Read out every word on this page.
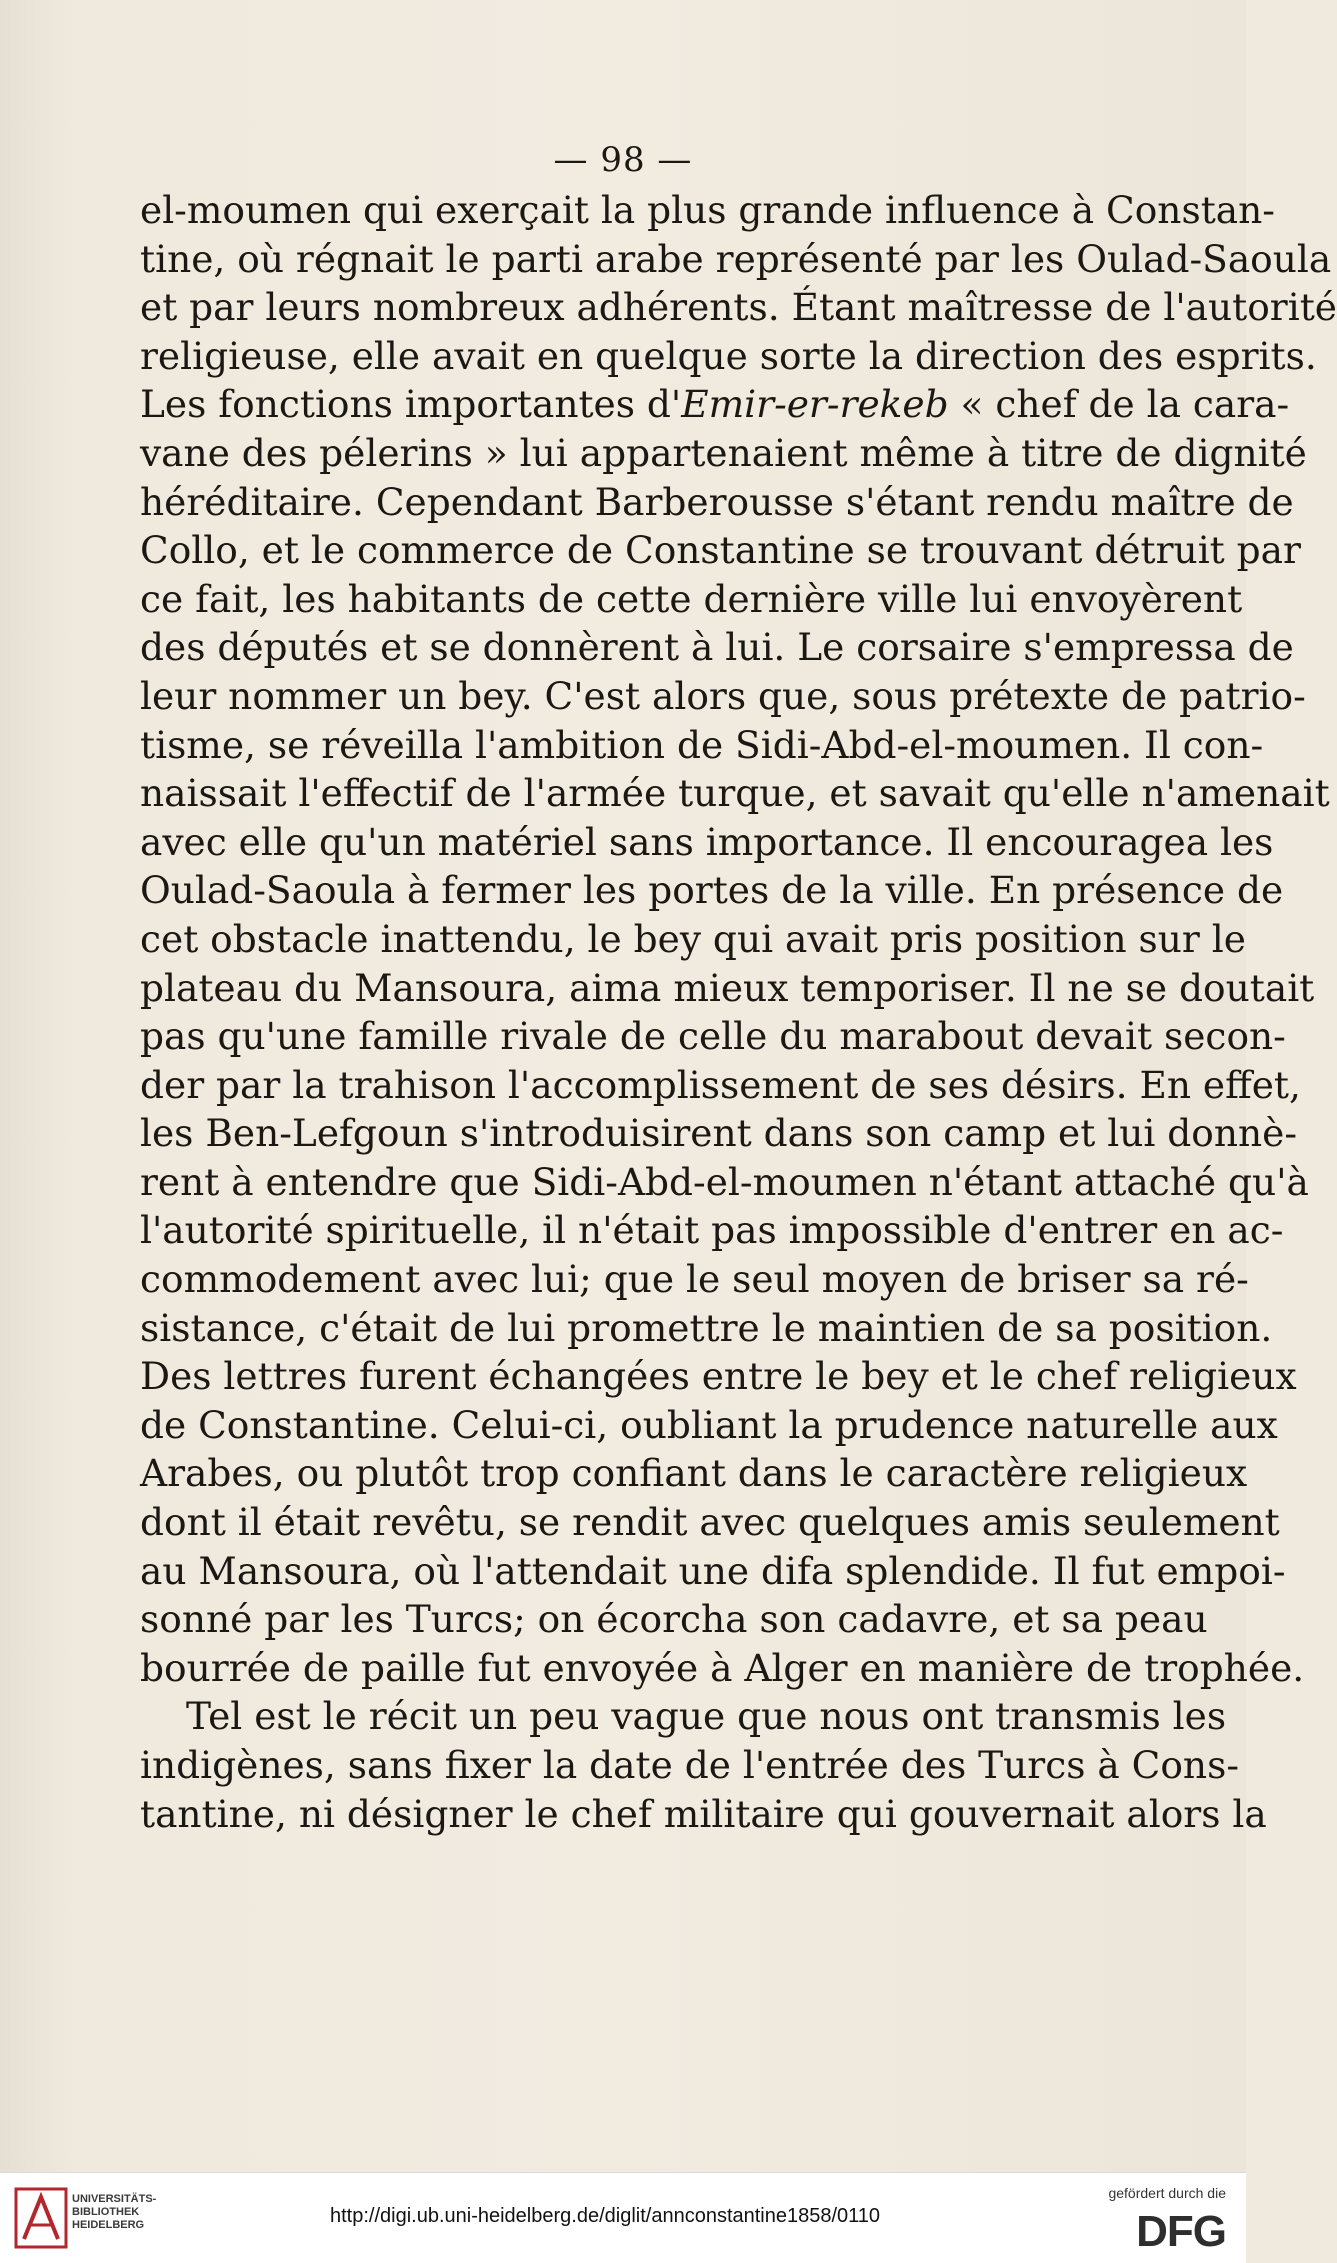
— 98 —
el-moumen qui exerçait la plus grande influence à Constan-
tine, où régnait le parti arabe représenté par les Oulad-Saoula
et par leurs nombreux adhérents. Étant maîtresse de l'autorité
religieuse, elle avait en quelque sorte la direction des esprits.
Les fonctions importantes d'Emir-er-rekeb « chef de la cara-
vane des pélerins » lui appartenaient même à titre de dignité
héréditaire. Cependant Barberousse s'étant rendu maître de
Collo, et le commerce de Constantine se trouvant détruit par
ce fait, les habitants de cette dernière ville lui envoyèrent
des députés et se donnèrent à lui. Le corsaire s'empressa de
leur nommer un bey. C'est alors que, sous prétexte de patrio-
tisme, se réveilla l'ambition de Sidi-Abd-el-moumen. Il con-
naissait l'effectif de l'armée turque, et savait qu'elle n'amenait
avec elle qu'un matériel sans importance. Il encouragea les
Oulad-Saoula à fermer les portes de la ville. En présence de
cet obstacle inattendu, le bey qui avait pris position sur le
plateau du Mansoura, aima mieux temporiser. Il ne se doutait
pas qu'une famille rivale de celle du marabout devait secon-
der par la trahison l'accomplissement de ses désirs. En effet,
les Ben-Lefgoun s'introduisirent dans son camp et lui donnè-
rent à entendre que Sidi-Abd-el-moumen n'étant attaché qu'à
l'autorité spirituelle, il n'était pas impossible d'entrer en ac-
commodement avec lui; que le seul moyen de briser sa ré-
sistance, c'était de lui promettre le maintien de sa position.
Des lettres furent échangées entre le bey et le chef religieux
de Constantine. Celui-ci, oubliant la prudence naturelle aux
Arabes, ou plutôt trop confiant dans le caractère religieux
dont il était revêtu, se rendit avec quelques amis seulement
au Mansoura, où l'attendait une difa splendide. Il fut empoi-
sonné par les Turcs; on écorcha son cadavre, et sa peau
bourrée de paille fut envoyée à Alger en manière de trophée.
Tel est le récit un peu vague que nous ont transmis les
indigènes, sans fixer la date de l'entrée des Turcs à Cons-
tantine, ni désigner le chef militaire qui gouvernait alors la
UNIVERSITÄTS-
BIBLIOTHEK
HEIDELBERG	http://digi.ub.uni-heidelberg.de/diglit/annconstantine1858/0110
gefördert durch die
DFG
